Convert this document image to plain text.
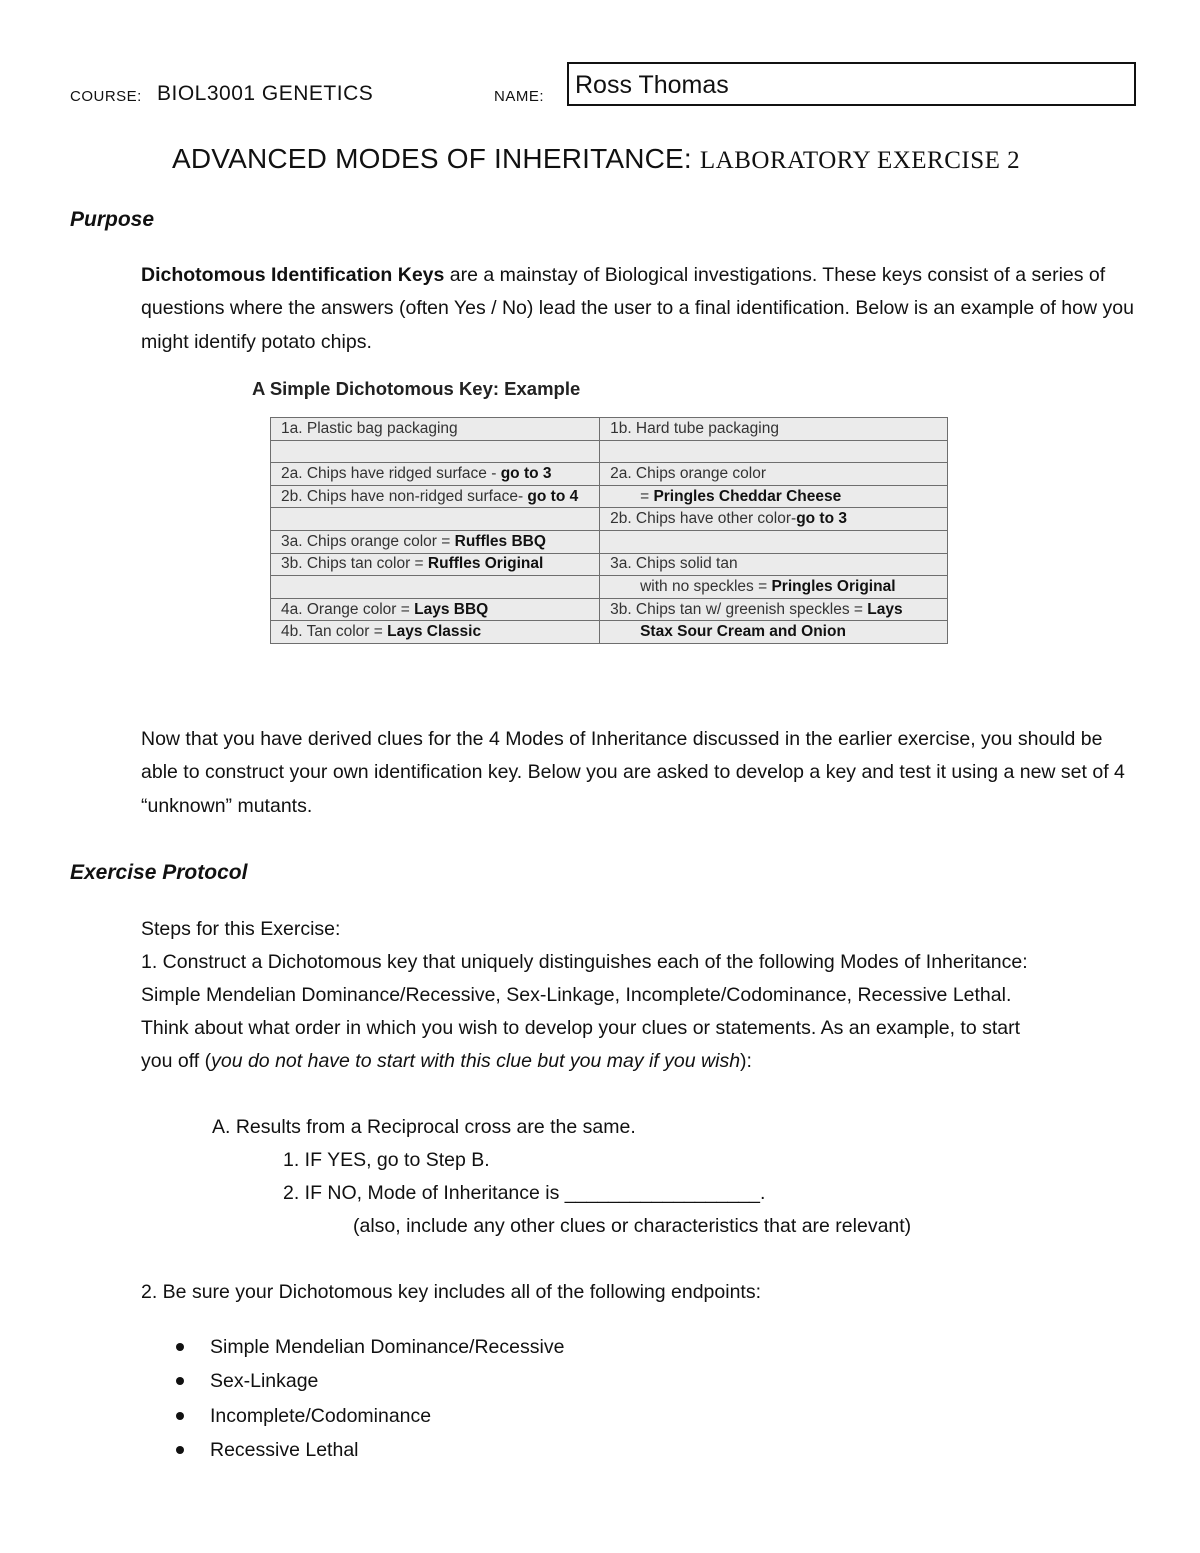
COURSE: BIOL3001 GENETICS	NAME: Ross Thomas
ADVANCED MODES OF INHERITANCE: LABORATORY EXERCISE 2
Purpose
Dichotomous Identification Keys are a mainstay of Biological investigations. These keys consist of a series of questions where the answers (often Yes / No) lead the user to a final identification. Below is an example of how you might identify potato chips.
A Simple Dichotomous Key: Example
1a. Plastic bag packaging	1b. Hard tube packaging

2a. Chips have ridged surface - go to 3	2a. Chips orange color
2b. Chips have non-ridged surface- go to 4	= Pringles Cheddar Cheese
	2b. Chips have other color-go to 3
3a. Chips orange color = Ruffles BBQ	
3b. Chips tan color = Ruffles Original	3a. Chips solid tan
	with no speckles = Pringles Original
4a. Orange color = Lays BBQ	3b. Chips tan w/ greenish speckles = Lays
4b. Tan color = Lays Classic	Stax Sour Cream and Onion
Now that you have derived clues for the 4 Modes of Inheritance discussed in the earlier exercise, you should be able to construct your own identification key. Below you are asked to develop a key and test it using a new set of 4 “unknown” mutants.
Exercise Protocol
Steps for this Exercise:
1. Construct a Dichotomous key that uniquely distinguishes each of the following Modes of Inheritance:
Simple Mendelian Dominance/Recessive, Sex-Linkage, Incomplete/Codominance, Recessive Lethal.
Think about what order in which you wish to develop your clues or statements. As an example, to start
you off (you do not have to start with this clue but you may if you wish):
A. Results from a Reciprocal cross are the same.
1. IF YES, go to Step B.
2. IF NO, Mode of Inheritance is __________________.
(also, include any other clues or characteristics that are relevant)
2. Be sure your Dichotomous key includes all of the following endpoints:
Simple Mendelian Dominance/Recessive
Sex-Linkage
Incomplete/Codominance
Recessive Lethal
